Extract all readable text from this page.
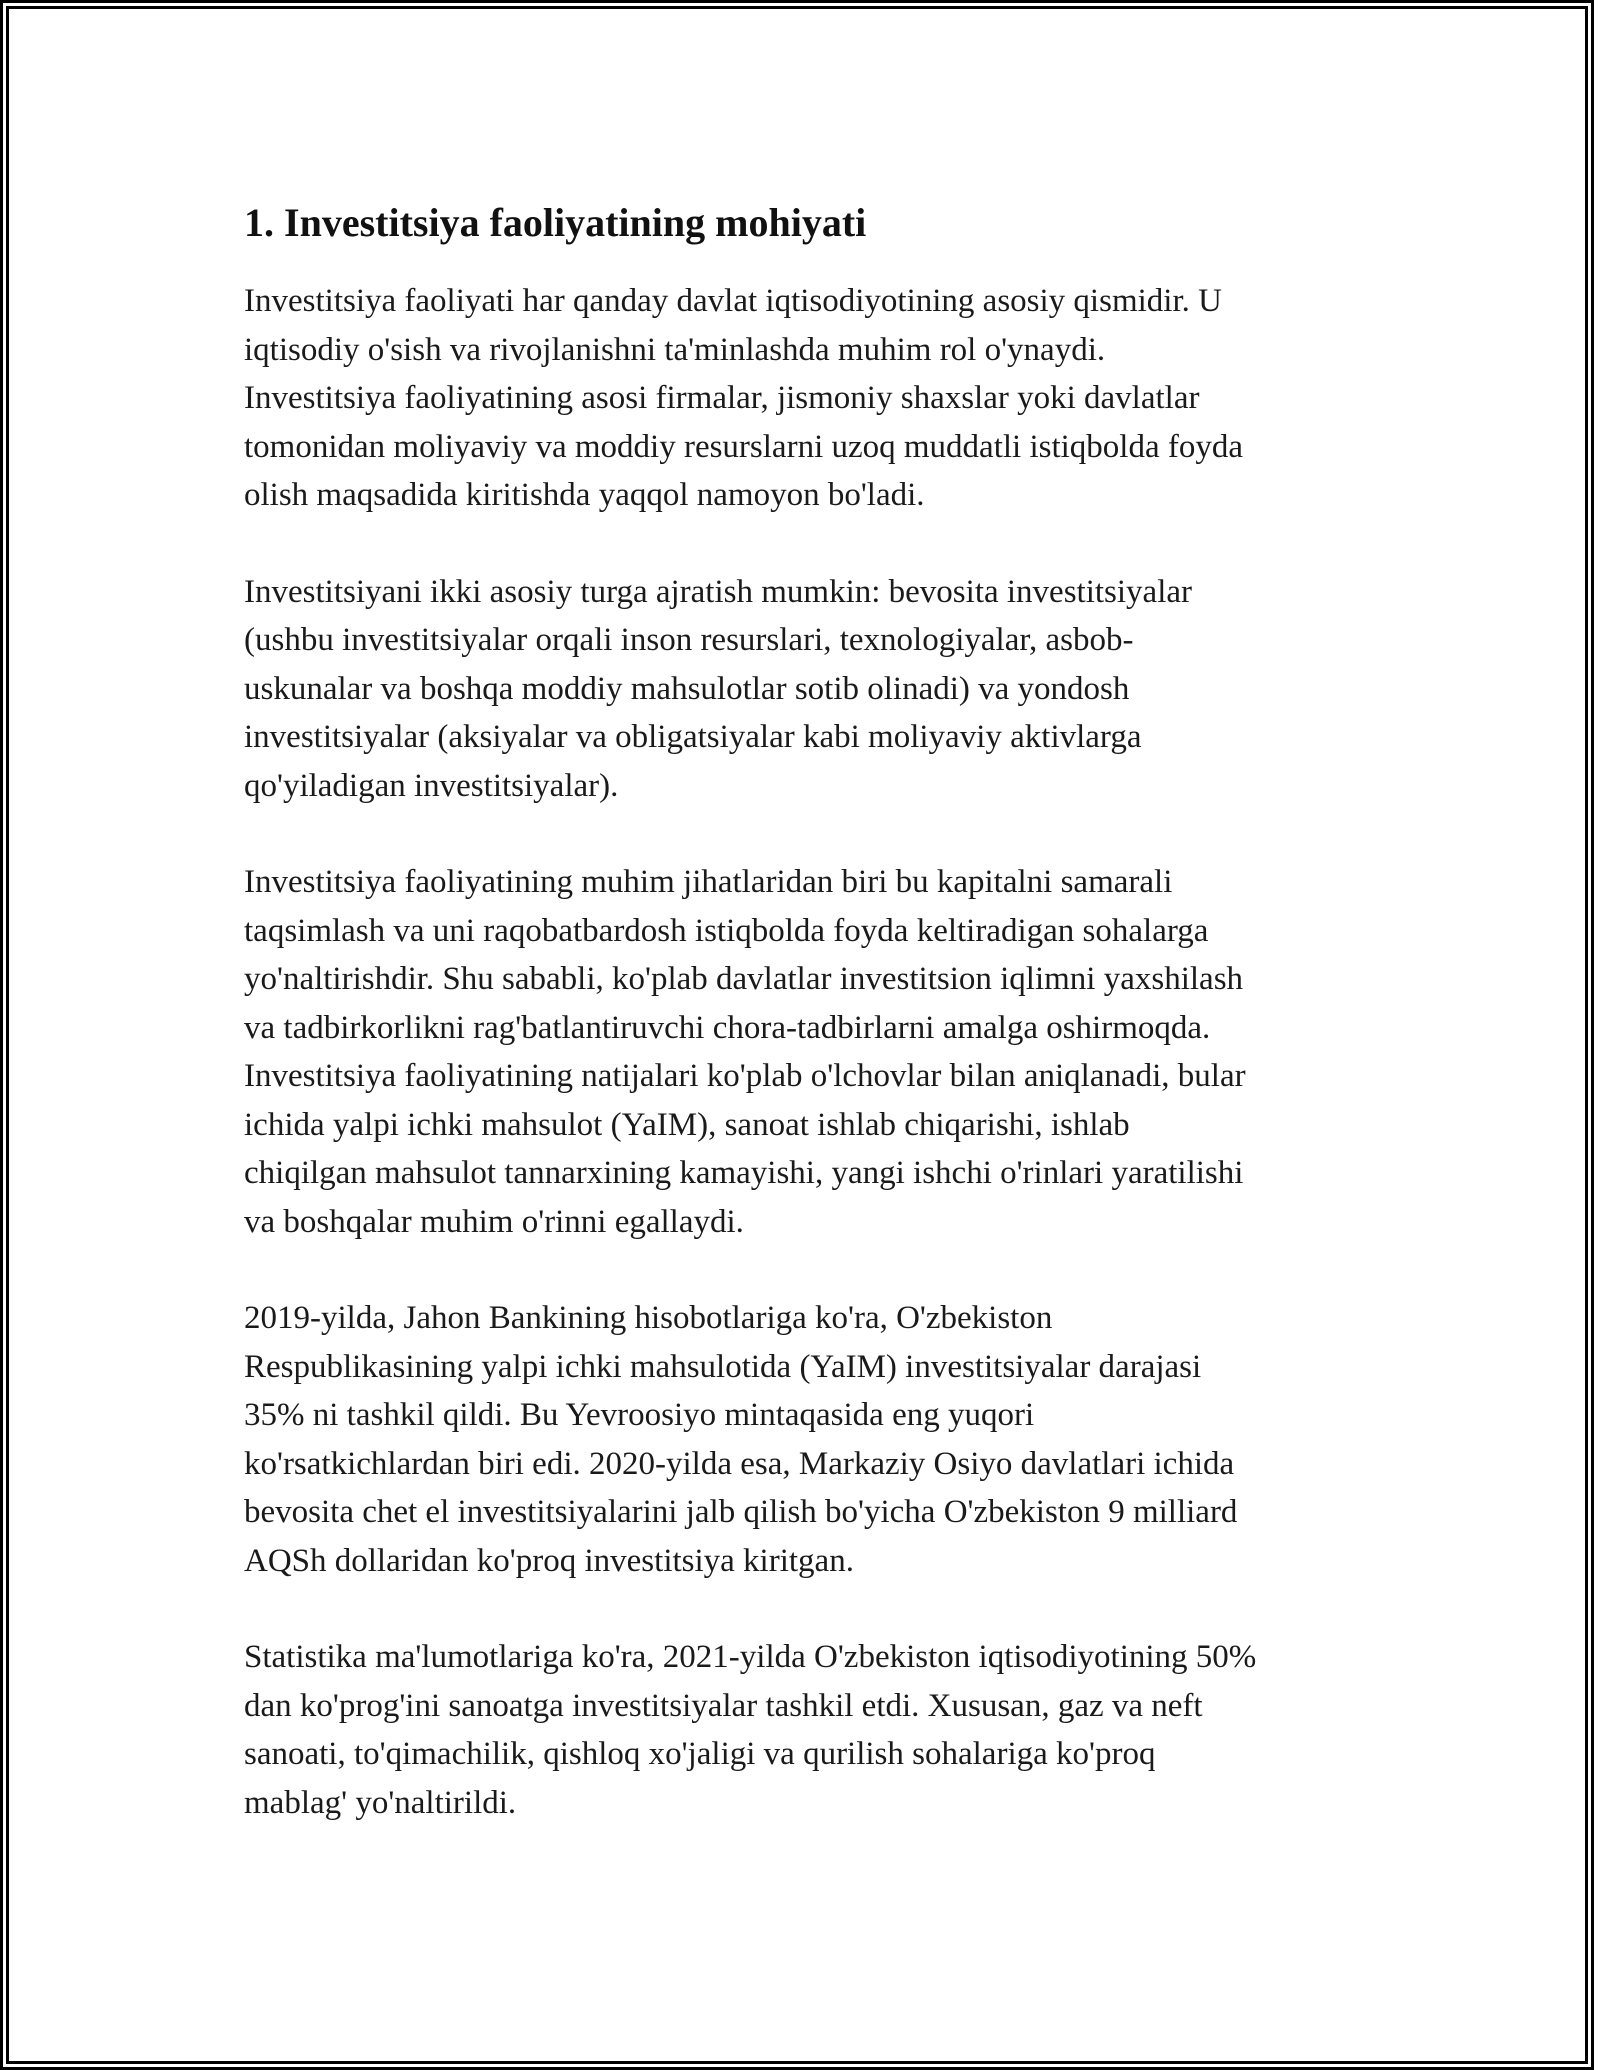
1. Investitsiya faoliyatining mohiyati

Investitsiya faoliyati har qanday davlat iqtisodiyotining asosiy qismidir. U
iqtisodiy o'sish va rivojlanishni ta'minlashda muhim rol o'ynaydi.
Investitsiya faoliyatining asosi firmalar, jismoniy shaxslar yoki davlatlar
tomonidan moliyaviy va moddiy resurslarni uzoq muddatli istiqbolda foyda
olish maqsadida kiritishda yaqqol namoyon bo'ladi.

Investitsiyani ikki asosiy turga ajratish mumkin: bevosita investitsiyalar
(ushbu investitsiyalar orqali inson resurslari, texnologiyalar, asbob-
uskunalar va boshqa moddiy mahsulotlar sotib olinadi) va yondosh
investitsiyalar (aksiyalar va obligatsiyalar kabi moliyaviy aktivlarga
qo'yiladigan investitsiyalar).

Investitsiya faoliyatining muhim jihatlaridan biri bu kapitalni samarali
taqsimlash va uni raqobatbardosh istiqbolda foyda keltiradigan sohalarga
yo'naltirishdir. Shu sababli, ko'plab davlatlar investitsion iqlimni yaxshilash
va tadbirkorlikni rag'batlantiruvchi chora-tadbirlarni amalga oshirmoqda.
Investitsiya faoliyatining natijalari ko'plab o'lchovlar bilan aniqlanadi, bular
ichida yalpi ichki mahsulot (YaIM), sanoat ishlab chiqarishi, ishlab
chiqilgan mahsulot tannarxining kamayishi, yangi ishchi o'rinlari yaratilishi
va boshqalar muhim o'rinni egallaydi.

2019-yilda, Jahon Bankining hisobotlariga ko'ra, O'zbekiston
Respublikasining yalpi ichki mahsulotida (YaIM) investitsiyalar darajasi
35% ni tashkil qildi. Bu Yevroosiyo mintaqasida eng yuqori
ko'rsatkichlardan biri edi. 2020-yilda esa, Markaziy Osiyo davlatlari ichida
bevosita chet el investitsiyalarini jalb qilish bo'yicha O'zbekiston 9 milliard
AQSh dollaridan ko'proq investitsiya kiritgan.

Statistika ma'lumotlariga ko'ra, 2021-yilda O'zbekiston iqtisodiyotining 50%
dan ko'prog'ini sanoatga investitsiyalar tashkil etdi. Xususan, gaz va neft
sanoati, to'qimachilik, qishloq xo'jaligi va qurilish sohalariga ko'proq
mablag' yo'naltirildi.
